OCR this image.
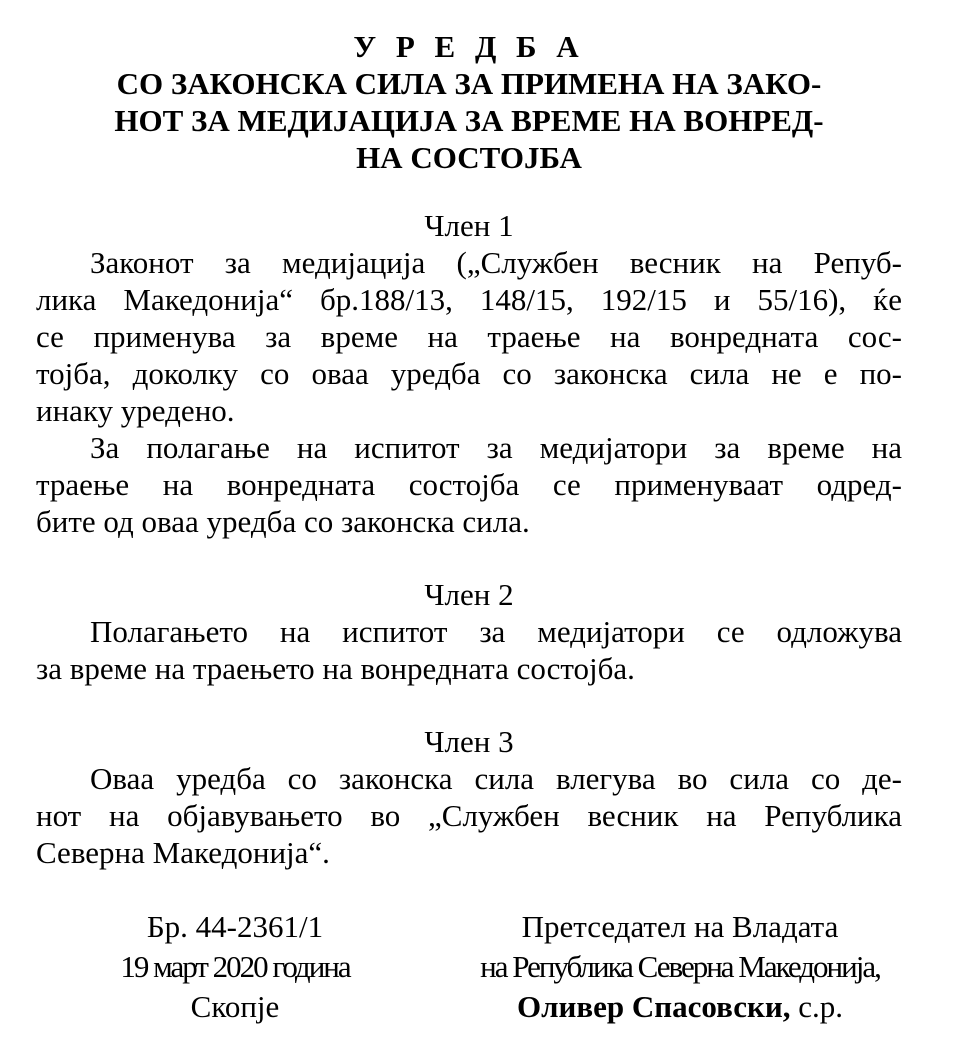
У Р Е Д Б А
СО ЗАКОНСКА СИЛА ЗА ПРИМЕНА НА ЗАКО-
НОТ ЗА МЕДИЈАЦИЈА ЗА ВРЕМЕ НА ВОНРЕД-
НА СОСТОЈБА
Член 1

Законот за медијација („Службен весник на Репуб-
лика Македонија“ бр.188/13, 148/15, 192/15 и 55/16), ќе
се применува за време на траење на вонредната сос-
тојба, доколку со оваа уредба со законска сила не е по-
инаку уредено.

За полагање на испитот за медијатори за време на
траење на вонредната состојба се применуваат одред-
бите од оваа уредба со законска сила.

Член 2

Полагањето на испитот за медијатори се одложува
за време на траењето на вонредната состојба.

Член 3

Оваа уредба со законска сила влегува во сила со де-
нот на објавувањето во „Службен весник на Република
Северна Македонија“.

Бр. 44-2361/1
19 март 2020 година
Скопје
Претседател на Владата
на Република Северна Македонија,
Оливер Спасовски, с.р.
